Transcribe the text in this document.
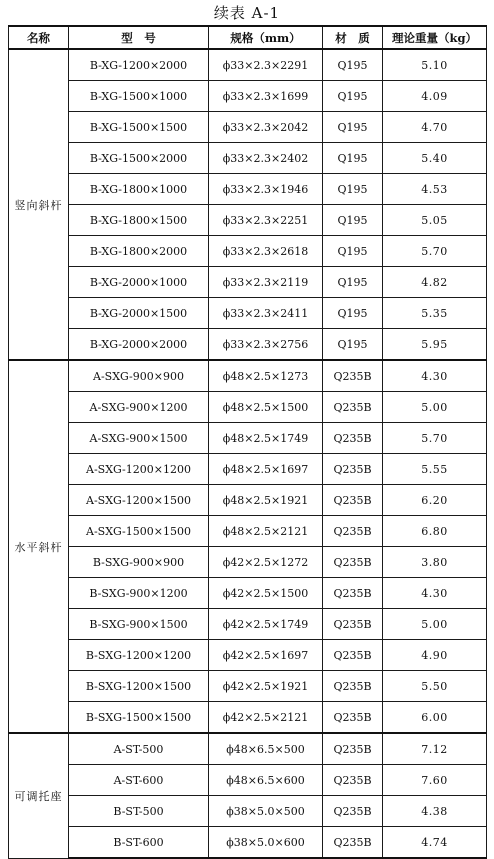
续表 A-1
名称	型　号	规格（mm）	材　质	理论重量（kg）
竖向斜杆	B-XG-1200×2000	ϕ33×2.3×2291	Q195	5.10
	B-XG-1500×1000	ϕ33×2.3×1699	Q195	4.09
	B-XG-1500×1500	ϕ33×2.3×2042	Q195	4.70
	B-XG-1500×2000	ϕ33×2.3×2402	Q195	5.40
	B-XG-1800×1000	ϕ33×2.3×1946	Q195	4.53
	B-XG-1800×1500	ϕ33×2.3×2251	Q195	5.05
	B-XG-1800×2000	ϕ33×2.3×2618	Q195	5.70
	B-XG-2000×1000	ϕ33×2.3×2119	Q195	4.82
	B-XG-2000×1500	ϕ33×2.3×2411	Q195	5.35
	B-XG-2000×2000	ϕ33×2.3×2756	Q195	5.95
水平斜杆	A-SXG-900×900	ϕ48×2.5×1273	Q235B	4.30
	A-SXG-900×1200	ϕ48×2.5×1500	Q235B	5.00
	A-SXG-900×1500	ϕ48×2.5×1749	Q235B	5.70
	A-SXG-1200×1200	ϕ48×2.5×1697	Q235B	5.55
	A-SXG-1200×1500	ϕ48×2.5×1921	Q235B	6.20
	A-SXG-1500×1500	ϕ48×2.5×2121	Q235B	6.80
	B-SXG-900×900	ϕ42×2.5×1272	Q235B	3.80
	B-SXG-900×1200	ϕ42×2.5×1500	Q235B	4.30
	B-SXG-900×1500	ϕ42×2.5×1749	Q235B	5.00
	B-SXG-1200×1200	ϕ42×2.5×1697	Q235B	4.90
	B-SXG-1200×1500	ϕ42×2.5×1921	Q235B	5.50
	B-SXG-1500×1500	ϕ42×2.5×2121	Q235B	6.00
可调托座	A-ST-500	ϕ48×6.5×500	Q235B	7.12
	A-ST-600	ϕ48×6.5×600	Q235B	7.60
	B-ST-500	ϕ38×5.0×500	Q235B	4.38
	B-ST-600	ϕ38×5.0×600	Q235B	4.74
